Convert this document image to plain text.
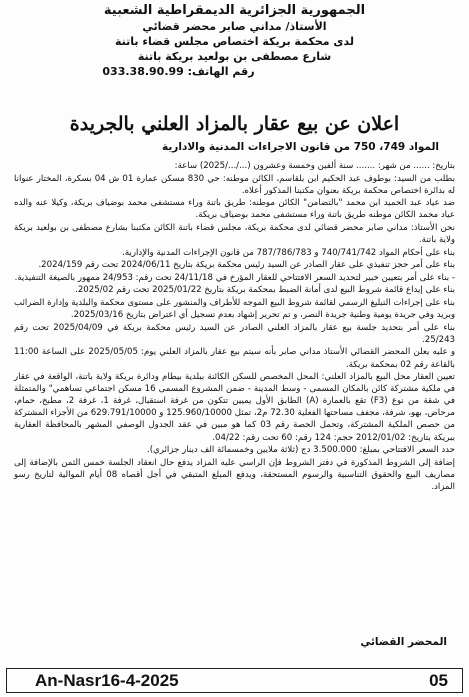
الجمهورية الجزائرية الديمقراطية الشعبية
الأستاذ/ مداني صابر محضر قضائي
لدى محكمة بريكة اختصاص مجلس قضاء باتنة
شارع مصطفى بن بولعيد بريكة باتنة
رقم الهاتف: 033.38.90.99
اعلان عن بيع عقار بالمزاد العلني بالجريدة
المواد 749، 750 من قانون الاجراءات المدنية والادارية

بتاريخ: ...... من شهر: ....... سنة ألفين وخمسة وعشرون (.../.../2025) ساعة:

بطلب من السيد: بوطوف عبد الحكيم ابن بلقاسم، الكائن موطنه: حي 830 مسكن عمارة 01 ش 04 بسكرة، المختار عنوانا له بدائرة اختصاص محكمة بريكة بعنوان مكتبنا المذكور أعلاه.

ضد عياد عبد الحميد ابن محمد "بالتضامن" الكائن موطنه: طريق باتنة وراء مستشفى محمد بوضياف بريكة، وكيلا عنه والده عياد محمد الكائن موطنه طريق باتنة وراء مستشفى محمد بوضياف بريكة.

نحن الأستاذ: مداني صابر محضر قضائي لدى محكمة بريكة، مجلس قضاء باتنة الكائن مكتبنا بشارع مصطفى بن بولعيد بريكة ولاية باتنة.

بناء على أحكام المواد 740/741/742 و 787/786/783 من قانون الإجراءات المدنية والإدارية.

بناء على أمر حجز تنفيذي على عقار الصادر عن السيد رئيس محكمة بريكة بتاريخ 2024/06/11 تحت رقم 2024/159.

- بناء على أمر بتعيين خبير لتحديد السعر الافتتاحي للعقار المؤرخ في 24/11/18 تحت رقم: 24/953 ممهور بالصيغة التنفيذية.

بناء على إيداع قائمة شروط البيع لدى أمانة الضبط بمحكمة بريكة بتاريخ 2025/01/22 تحت رقم 2025/02.

بناء على إجراءات التبليغ الرسمي لقائمة شروط البيع الموجه للأطراف والمنشور على مستوى محكمة والبلدية وإدارة الضرائب وبريد وفي جريدة يومية وطنية جريدة النصر، و تم تحرير إشهاد بعدم تسجيل أي اعتراض بتاريخ 2025/03/16.

بناء على أمر بتحديد جلسة بيع عقار بالمزاد العلني الصادر عن السيد رئيس محكمة بريكة في 2025/04/09 تحت رقم 25/243.

و عليه يعلن المحضر القضائي الأستاذ مداني صابر بأنه سيتم بيع عقار بالمزاد العلني يوم: 2025/05/05 على الساعة 11:00 بالقاعة رقم 02 بمحكمة بريكة.

تعيين العقار محل البيع بالمزاد العلني: المحل المخصص للسكن الكائنة ببلدية بيطام ودائرة بريكة ولاية باتنة، الواقعة في عقار في ملكية مشتركة كائن بالمكان المسمى - وسط المدينة - ضمن المشروع المسمى 16 مسكن اجتماعي تساهمي" والمتمثلة في شقة من نوع (F3) تقع بالعمارة (A) الطابق الأول يميين تتكون من غرفة استقبال، غرفة 1، غرفة 2، مطبخ، حمام، مرحاض، بهو، شرفة، مجفف مساحتها الفعلية 72.30 م2، تمثل 125.960/10000 و 629.791/10000 من الأجزاء المشتركة من حصص الملكية المشتركة، وتحمل الحصة رقم 03 كما هو مبين في عقد الجدول الوصفي المشهر بالمحافظة العقارية ببريكة بتاريخ: 2012/01/02 حجم: 124 رقم: 60 تحت رقم: 04/22.

حدد السعر الافتتاحي بمبلغ: 3.500.000 دج (ثلاثة ملايين وخمسمائة الف دينار جزائري).

إضافة إلى الشروط المذكورة في دفتر الشروط فإن الراسي عليه المزاد يدفع حال انعقاد الجلسة خمس الثمن بالإضافة إلى مصاريف البيع والحقوق التناسبية والرسوم المستحقة، ويدفع المبلغ المتبقي في أجل أقصاه 08 أيام الموالية لتاريخ رسو المزاد.

المحضر القضائي
An-Nasr16-4-2025	05
